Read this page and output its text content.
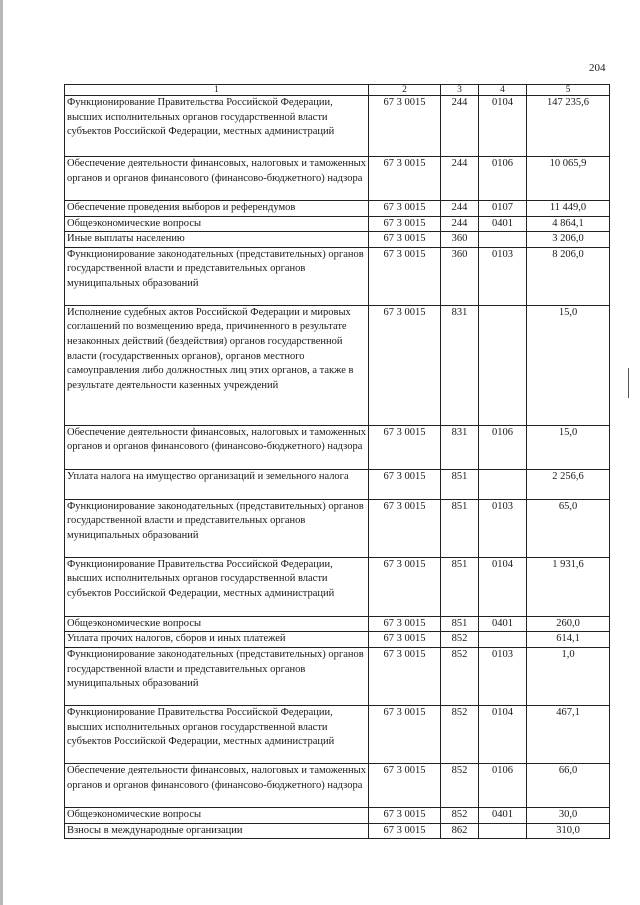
204
1	2	3	4	5
Функционирование Правительства Российской Федерации, высших исполнительных органов государственной власти субъектов Российской Федерации, местных администраций	67 3 0015	244	0104	147 235,6
Обеспечение деятельности финансовых, налоговых и таможенных органов и органов финансового (финансово-бюджетного) надзора	67 3 0015	244	0106	10 065,9
Обеспечение проведения выборов и референдумов	67 3 0015	244	0107	11 449,0
Общеэкономические вопросы	67 3 0015	244	0401	4 864,1
Иные выплаты населению	67 3 0015	360		3 206,0
Функционирование законодательных (представительных) органов государственной власти и представительных органов муниципальных образований	67 3 0015	360	0103	8 206,0
Исполнение судебных актов Российской Федерации и мировых соглашений по возмещению вреда, причиненного в результате незаконных действий (бездействия) органов государственной власти (государственных органов), органов местного самоуправления либо должностных лиц этих органов, а также в результате деятельности казенных учреждений	67 3 0015	831		15,0
Обеспечение деятельности финансовых, налоговых и таможенных органов и органов финансового (финансово-бюджетного) надзора	67 3 0015	831	0106	15,0
Уплата налога на имущество организаций и земельного налога	67 3 0015	851		2 256,6
Функционирование законодательных (представительных) органов государственной власти и представительных органов муниципальных образований	67 3 0015	851	0103	65,0
Функционирование Правительства Российской Федерации, высших исполнительных органов государственной власти субъектов Российской Федерации, местных администраций	67 3 0015	851	0104	1 931,6
Общеэкономические вопросы	67 3 0015	851	0401	260,0
Уплата прочих налогов, сборов и иных платежей	67 3 0015	852		614,1
Функционирование законодательных (представительных) органов государственной власти и представительных органов муниципальных образований	67 3 0015	852	0103	1,0
Функционирование Правительства Российской Федерации, высших исполнительных органов государственной власти субъектов Российской Федерации, местных администраций	67 3 0015	852	0104	467,1
Обеспечение деятельности финансовых, налоговых и таможенных органов и органов финансового (финансово-бюджетного) надзора	67 3 0015	852	0106	66,0
Общеэкономические вопросы	67 3 0015	852	0401	30,0
Взносы в международные организации	67 3 0015	862		310,0
